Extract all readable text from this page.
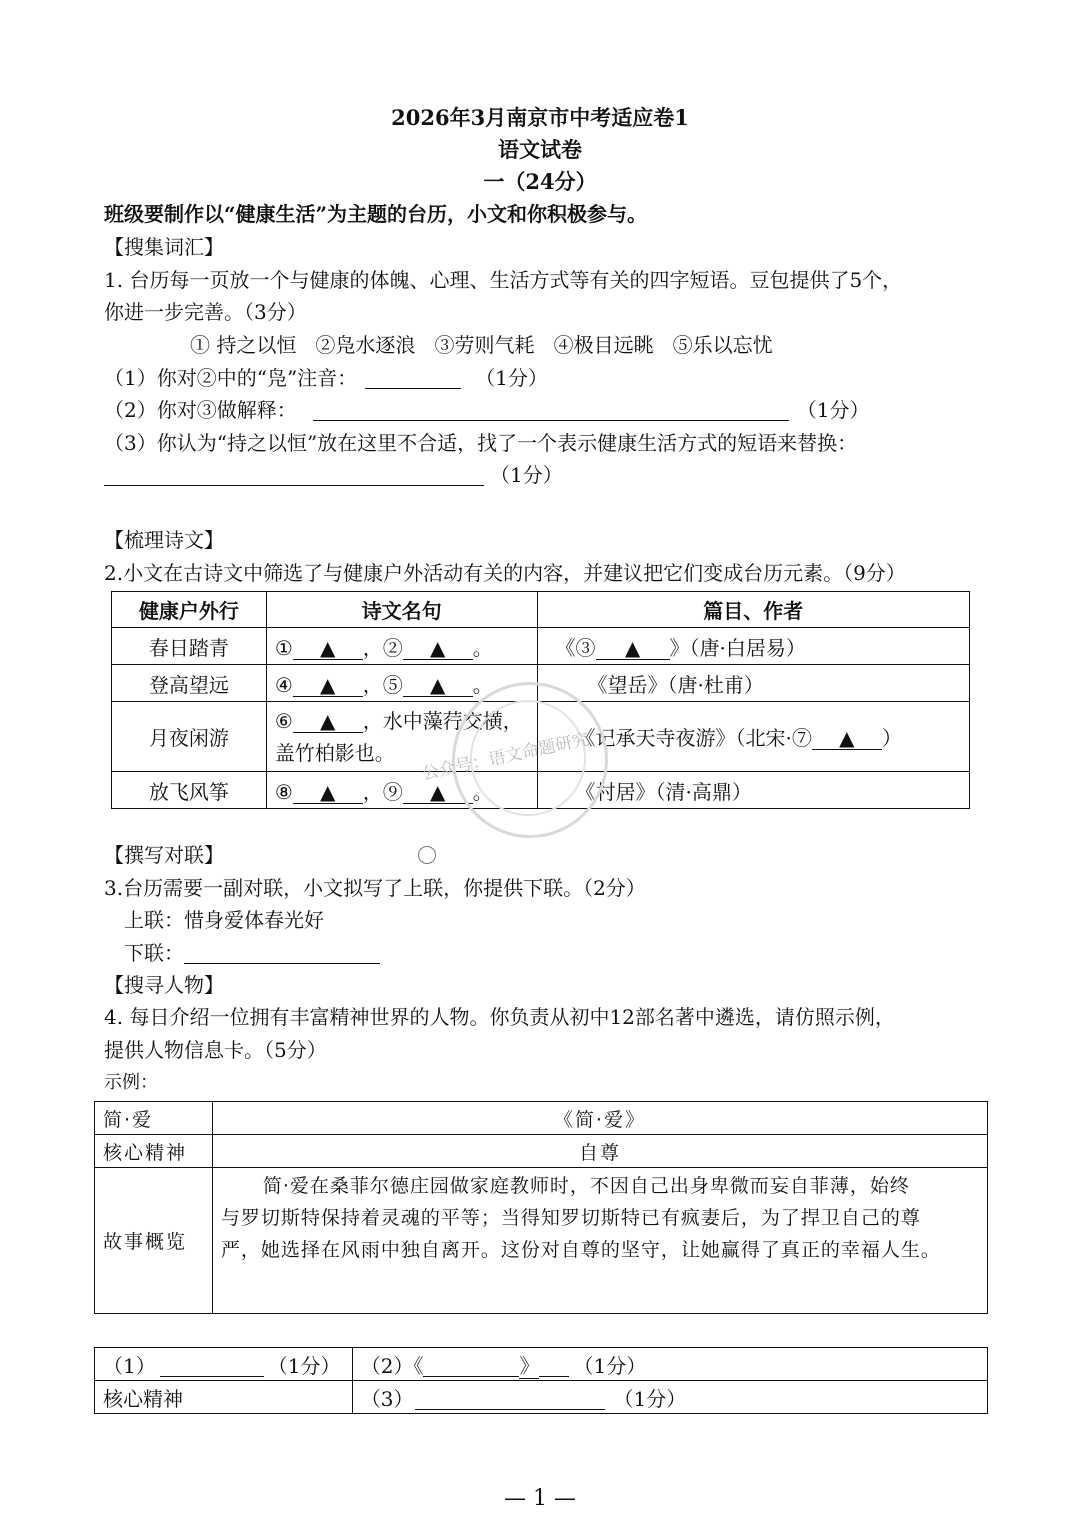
2026年3月南京市中考适应卷1
语文试卷
一（24分）
班级要制作以“健康生活”为主题的台历，小文和你积极参与。
【搜集词汇】
1. 台历每一页放一个与健康的体魄、心理、生活方式等有关的四字短语。豆包提供了5个，
你进一步完善。（3分）
① 持之以恒   ②凫水逐浪   ③劳则气耗   ④极目远眺   ⑤乐以忘忧
（1）你对②中的“凫”注音：	（1分）
（2）你对③做解释：	（1分）
（3）你认为“持之以恒”放在这里不合适，找了一个表示健康生活方式的短语来替换：
（1分）
【梳理诗文】
2.小文在古诗文中筛选了与健康户外活动有关的内容，并建议把它们变成台历元素。（9分）
健康户外行	诗文名句	篇目、作者
春日踏青	① ▲ ，② ▲ 。	《③ ▲ 》（唐·白居易）
登高望远	④ ▲ ，⑤ ▲ 。	《望岳》（唐·杜甫）
月夜闲游	⑥ ▲ ，水中藻荇交横，
盖竹柏影也。	《记承天寺夜游》（北宋·⑦ ▲ ）
放飞风筝	⑧ ▲ ，⑨ ▲ 。	《村居》（清·高鼎）
公众号：语文命题研究
【撰写对联】
3.台历需要一副对联，小文拟写了上联，你提供下联。（2分）
上联：惜身爱体春光好
下联：
【搜寻人物】
4. 每日介绍一位拥有丰富精神世界的人物。你负责从初中12部名著中遴选，请仿照示例，
提供人物信息卡。（5分）
示例：
简·爱	《简·爱》
核心精神	自尊
故事概览	简·爱在桑菲尔德庄园做家庭教师时，不因自己出身卑微而妄自菲薄，始终
与罗切斯特保持着灵魂的平等；当得知罗切斯特已有疯妻后，为了捍卫自己的尊
严，她选择在风雨中独自离开。这份对自尊的坚守，让她赢得了真正的幸福人生。
（1） （1分）	（2）《 》 （1分）
核心精神	（3） （1分）
— 1 —
